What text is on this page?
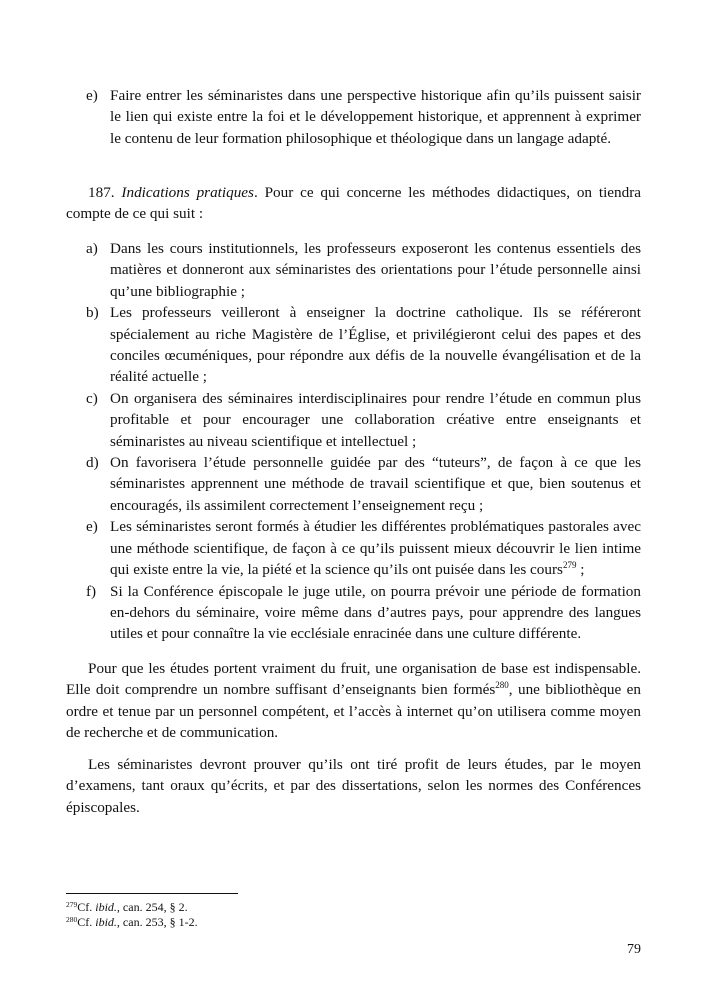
e) Faire entrer les séminaristes dans une perspective historique afin qu’ils puissent saisir le lien qui existe entre la foi et le développement historique, et apprennent à exprimer le contenu de leur formation philosophique et théologique dans un langage adapté.

187. Indications pratiques. Pour ce qui concerne les méthodes didactiques, on tiendra compte de ce qui suit :

a) Dans les cours institutionnels, les professeurs exposeront les contenus essentiels des matières et donneront aux séminaristes des orientations pour l’étude personnelle ainsi qu’une bibliographie ;
b) Les professeurs veilleront à enseigner la doctrine catholique. Ils se référeront spécialement au riche Magistère de l’Église, et privilégieront celui des papes et des conciles œcuméniques, pour répondre aux défis de la nouvelle évangélisation et de la réalité actuelle ;
c) On organisera des séminaires interdisciplinaires pour rendre l’étude en commun plus profitable et pour encourager une collaboration créative entre enseignants et séminaristes au niveau scientifique et intellectuel ;
d) On favorisera l’étude personnelle guidée par des “tuteurs”, de façon à ce que les séminaristes apprennent une méthode de travail scientifique et que, bien soutenus et encouragés, ils assimilent correctement l’enseignement reçu ;
e) Les séminaristes seront formés à étudier les différentes problématiques pastorales avec une méthode scientifique, de façon à ce qu’ils puissent mieux découvrir le lien intime qui existe entre la vie, la piété et la science qu’ils ont puisée dans les cours$^{279}$ ;
f) Si la Conférence épiscopale le juge utile, on pourra prévoir une période de formation en-dehors du séminaire, voire même dans d’autres pays, pour apprendre des langues utiles et pour connaître la vie ecclésiale enracinée dans une culture différente.

Pour que les études portent vraiment du fruit, une organisation de base est indispensable. Elle doit comprendre un nombre suffisant d’enseignants bien formés$^{280}$, une bibliothèque en ordre et tenue par un personnel compétent, et l’accès à internet qu’on utilisera comme moyen de recherche et de communication.

Les séminaristes devront prouver qu’ils ont tiré profit de leurs études, par le moyen d’examens, tant oraux qu’écrits, et par des dissertations, selon les normes des Conférences épiscopales.

$^{279}$Cf. ibid., can. 254, § 2.
$^{280}$Cf. ibid., can. 253, § 1-2.
79
